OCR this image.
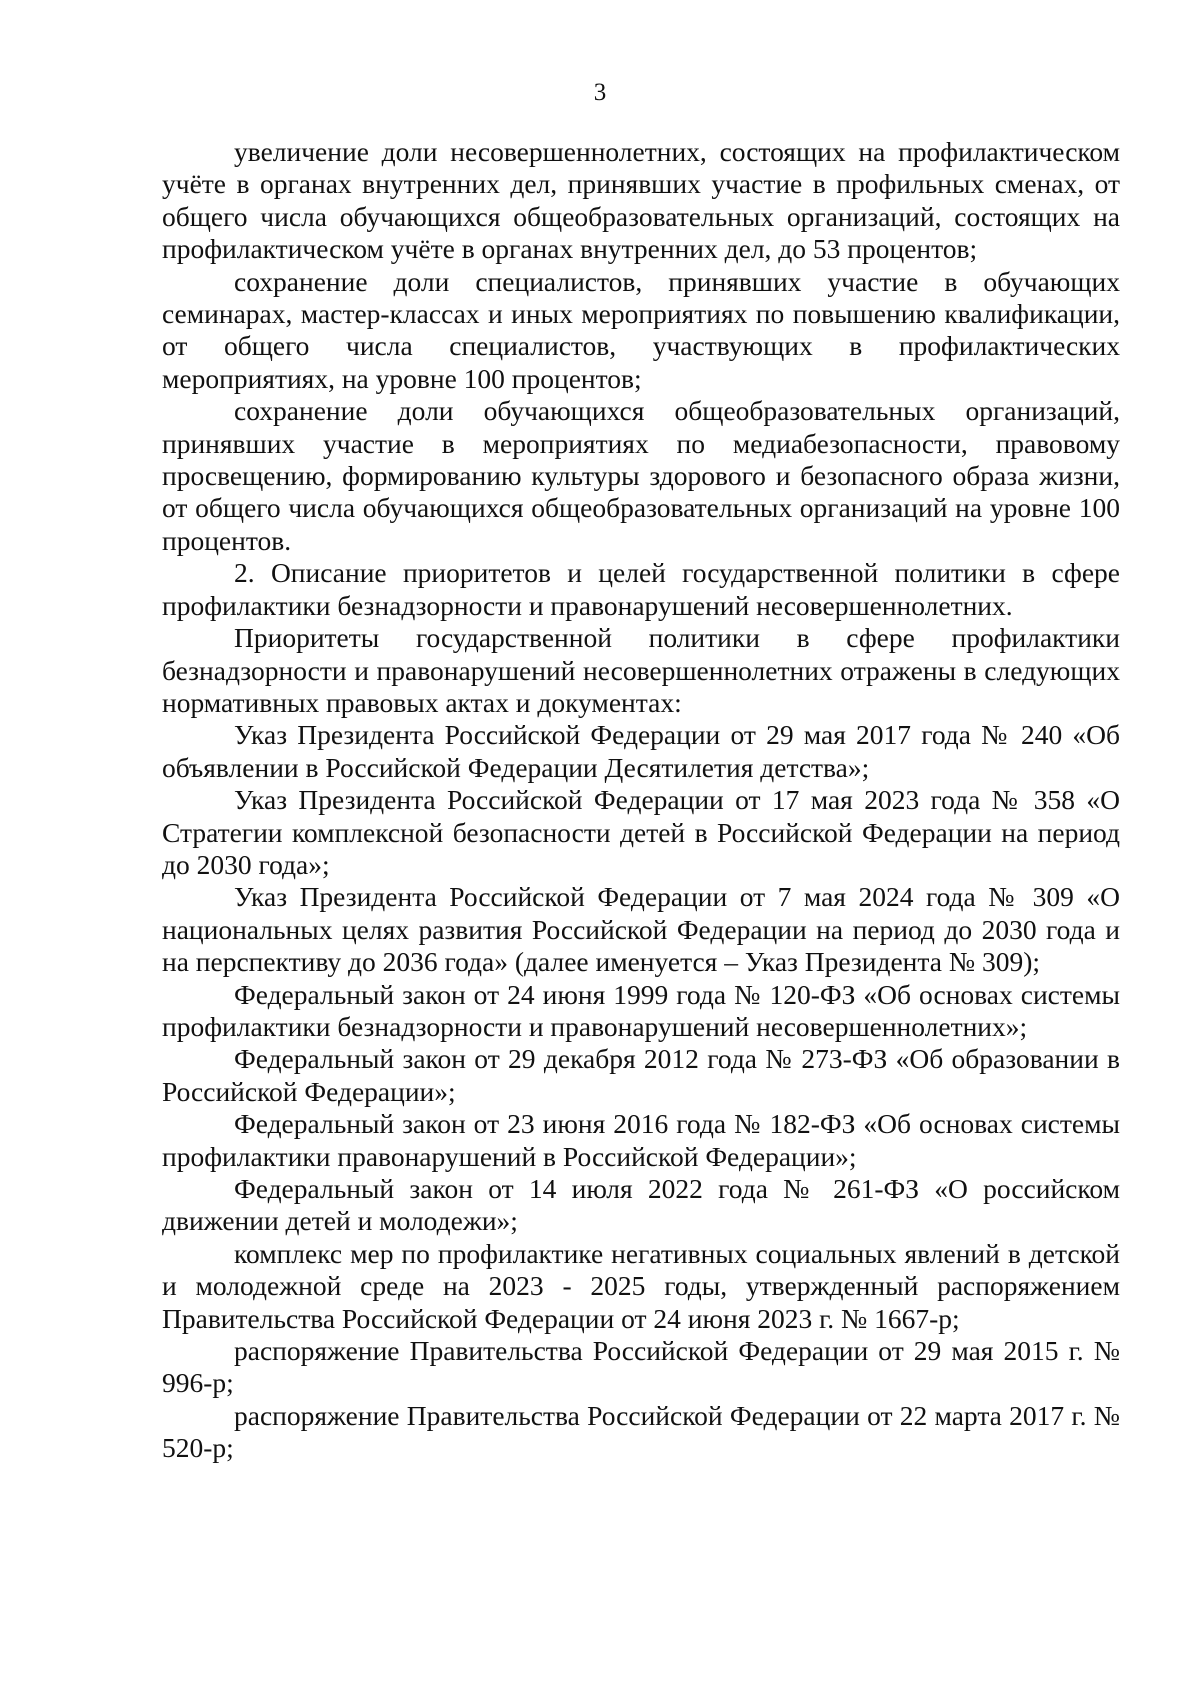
3

увеличение доли несовершеннолетних, состоящих на профилактическом учёте в органах внутренних дел, принявших участие в профильных сменах, от общего числа обучающихся общеобразовательных организаций, состоящих на профилактическом учёте в органах внутренних дел, до 53 процентов;

сохранение доли специалистов, принявших участие в обучающих семинарах, мастер-классах и иных мероприятиях по повышению квалификации, от общего числа специалистов, участвующих в профилактических мероприятиях, на уровне 100 процентов;

сохранение доли обучающихся общеобразовательных организаций, принявших участие в мероприятиях по медиабезопасности, правовому просвещению, формированию культуры здорового и безопасного образа жизни, от общего числа обучающихся общеобразовательных организаций на уровне 100 процентов.

2. Описание приоритетов и целей государственной политики в сфере профилактики безнадзорности и правонарушений несовершеннолетних.

Приоритеты государственной политики в сфере профилактики безнадзорности и правонарушений несовершеннолетних отражены в следующих нормативных правовых актах и документах:

Указ Президента Российской Федерации от 29 мая 2017 года № 240 «Об объявлении в Российской Федерации Десятилетия детства»;

Указ Президента Российской Федерации от 17 мая 2023 года № 358 «О Стратегии комплексной безопасности детей в Российской Федерации на период до 2030 года»;

Указ Президента Российской Федерации от 7 мая 2024 года № 309 «О национальных целях развития Российской Федерации на период до 2030 года и на перспективу до 2036 года» (далее именуется – Указ Президента № 309);

Федеральный закон от 24 июня 1999 года № 120-ФЗ «Об основах системы профилактики безнадзорности и правонарушений несовершеннолетних»;

Федеральный закон от 29 декабря 2012 года № 273-ФЗ «Об образовании в Российской Федерации»;

Федеральный закон от 23 июня 2016 года № 182-ФЗ «Об основах системы профилактики правонарушений в Российской Федерации»;

Федеральный закон от 14 июля 2022 года № 261-ФЗ «О российском движении детей и молодежи»;

комплекс мер по профилактике негативных социальных явлений в детской и молодежной среде на 2023 - 2025 годы, утвержденный распоряжением Правительства Российской Федерации от 24 июня 2023 г. № 1667-р;

распоряжение Правительства Российской Федерации от 29 мая 2015 г. № 996-р;

распоряжение Правительства Российской Федерации от 22 марта 2017 г. № 520-р;
